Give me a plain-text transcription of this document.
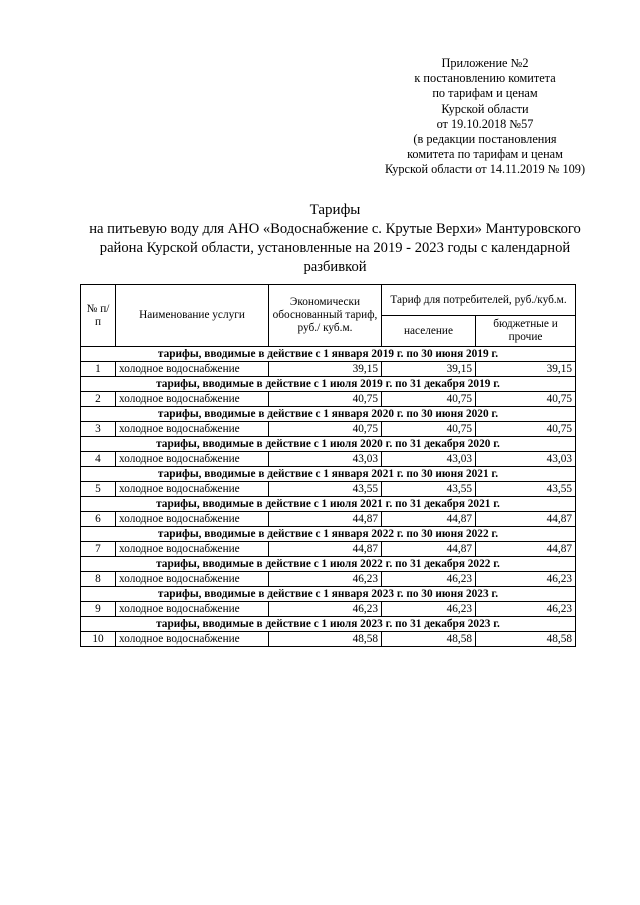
Приложение №2
к постановлению комитета
по тарифам и ценам
Курской области
от 19.10.2018 №57
(в редакции постановления
комитета по тарифам и ценам
Курской области от 14.11.2019 № 109)
Тарифы
на питьевую воду для АНО «Водоснабжение с. Крутые Верхи» Мантуровского
района Курской области, установленные на 2019 - 2023 годы с календарной
разбивкой
№ п/п	Наименование услуги	Экономически обоснованный тариф, руб./ куб.м.	Тариф для потребителей, руб./куб.м.	
			население	бюджетные и прочие
тарифы, вводимые в действие с 1 января 2019 г. по 30 июня 2019 г.				
1	холодное водоснабжение	39,15	39,15	39,15
тарифы, вводимые в действие с 1 июля 2019 г. по 31 декабря 2019 г.				
2	холодное водоснабжение	40,75	40,75	40,75
тарифы, вводимые в действие с 1 января 2020 г. по 30 июня 2020 г.				
3	холодное водоснабжение	40,75	40,75	40,75
тарифы, вводимые в действие с 1 июля 2020 г. по 31 декабря 2020 г.				
4	холодное водоснабжение	43,03	43,03	43,03
тарифы, вводимые в действие с 1 января 2021 г. по 30 июня 2021 г.				
5	холодное водоснабжение	43,55	43,55	43,55
тарифы, вводимые в действие с 1 июля 2021 г. по 31 декабря 2021 г.				
6	холодное водоснабжение	44,87	44,87	44,87
тарифы, вводимые в действие с 1 января 2022 г. по 30 июня 2022 г.				
7	холодное водоснабжение	44,87	44,87	44,87
тарифы, вводимые в действие с 1 июля 2022 г. по 31 декабря 2022 г.				
8	холодное водоснабжение	46,23	46,23	46,23
тарифы, вводимые в действие с 1 января 2023 г. по 30 июня 2023 г.				
9	холодное водоснабжение	46,23	46,23	46,23
тарифы, вводимые в действие с 1 июля 2023 г. по 31 декабря 2023 г.				
10	холодное водоснабжение	48,58	48,58	48,58
